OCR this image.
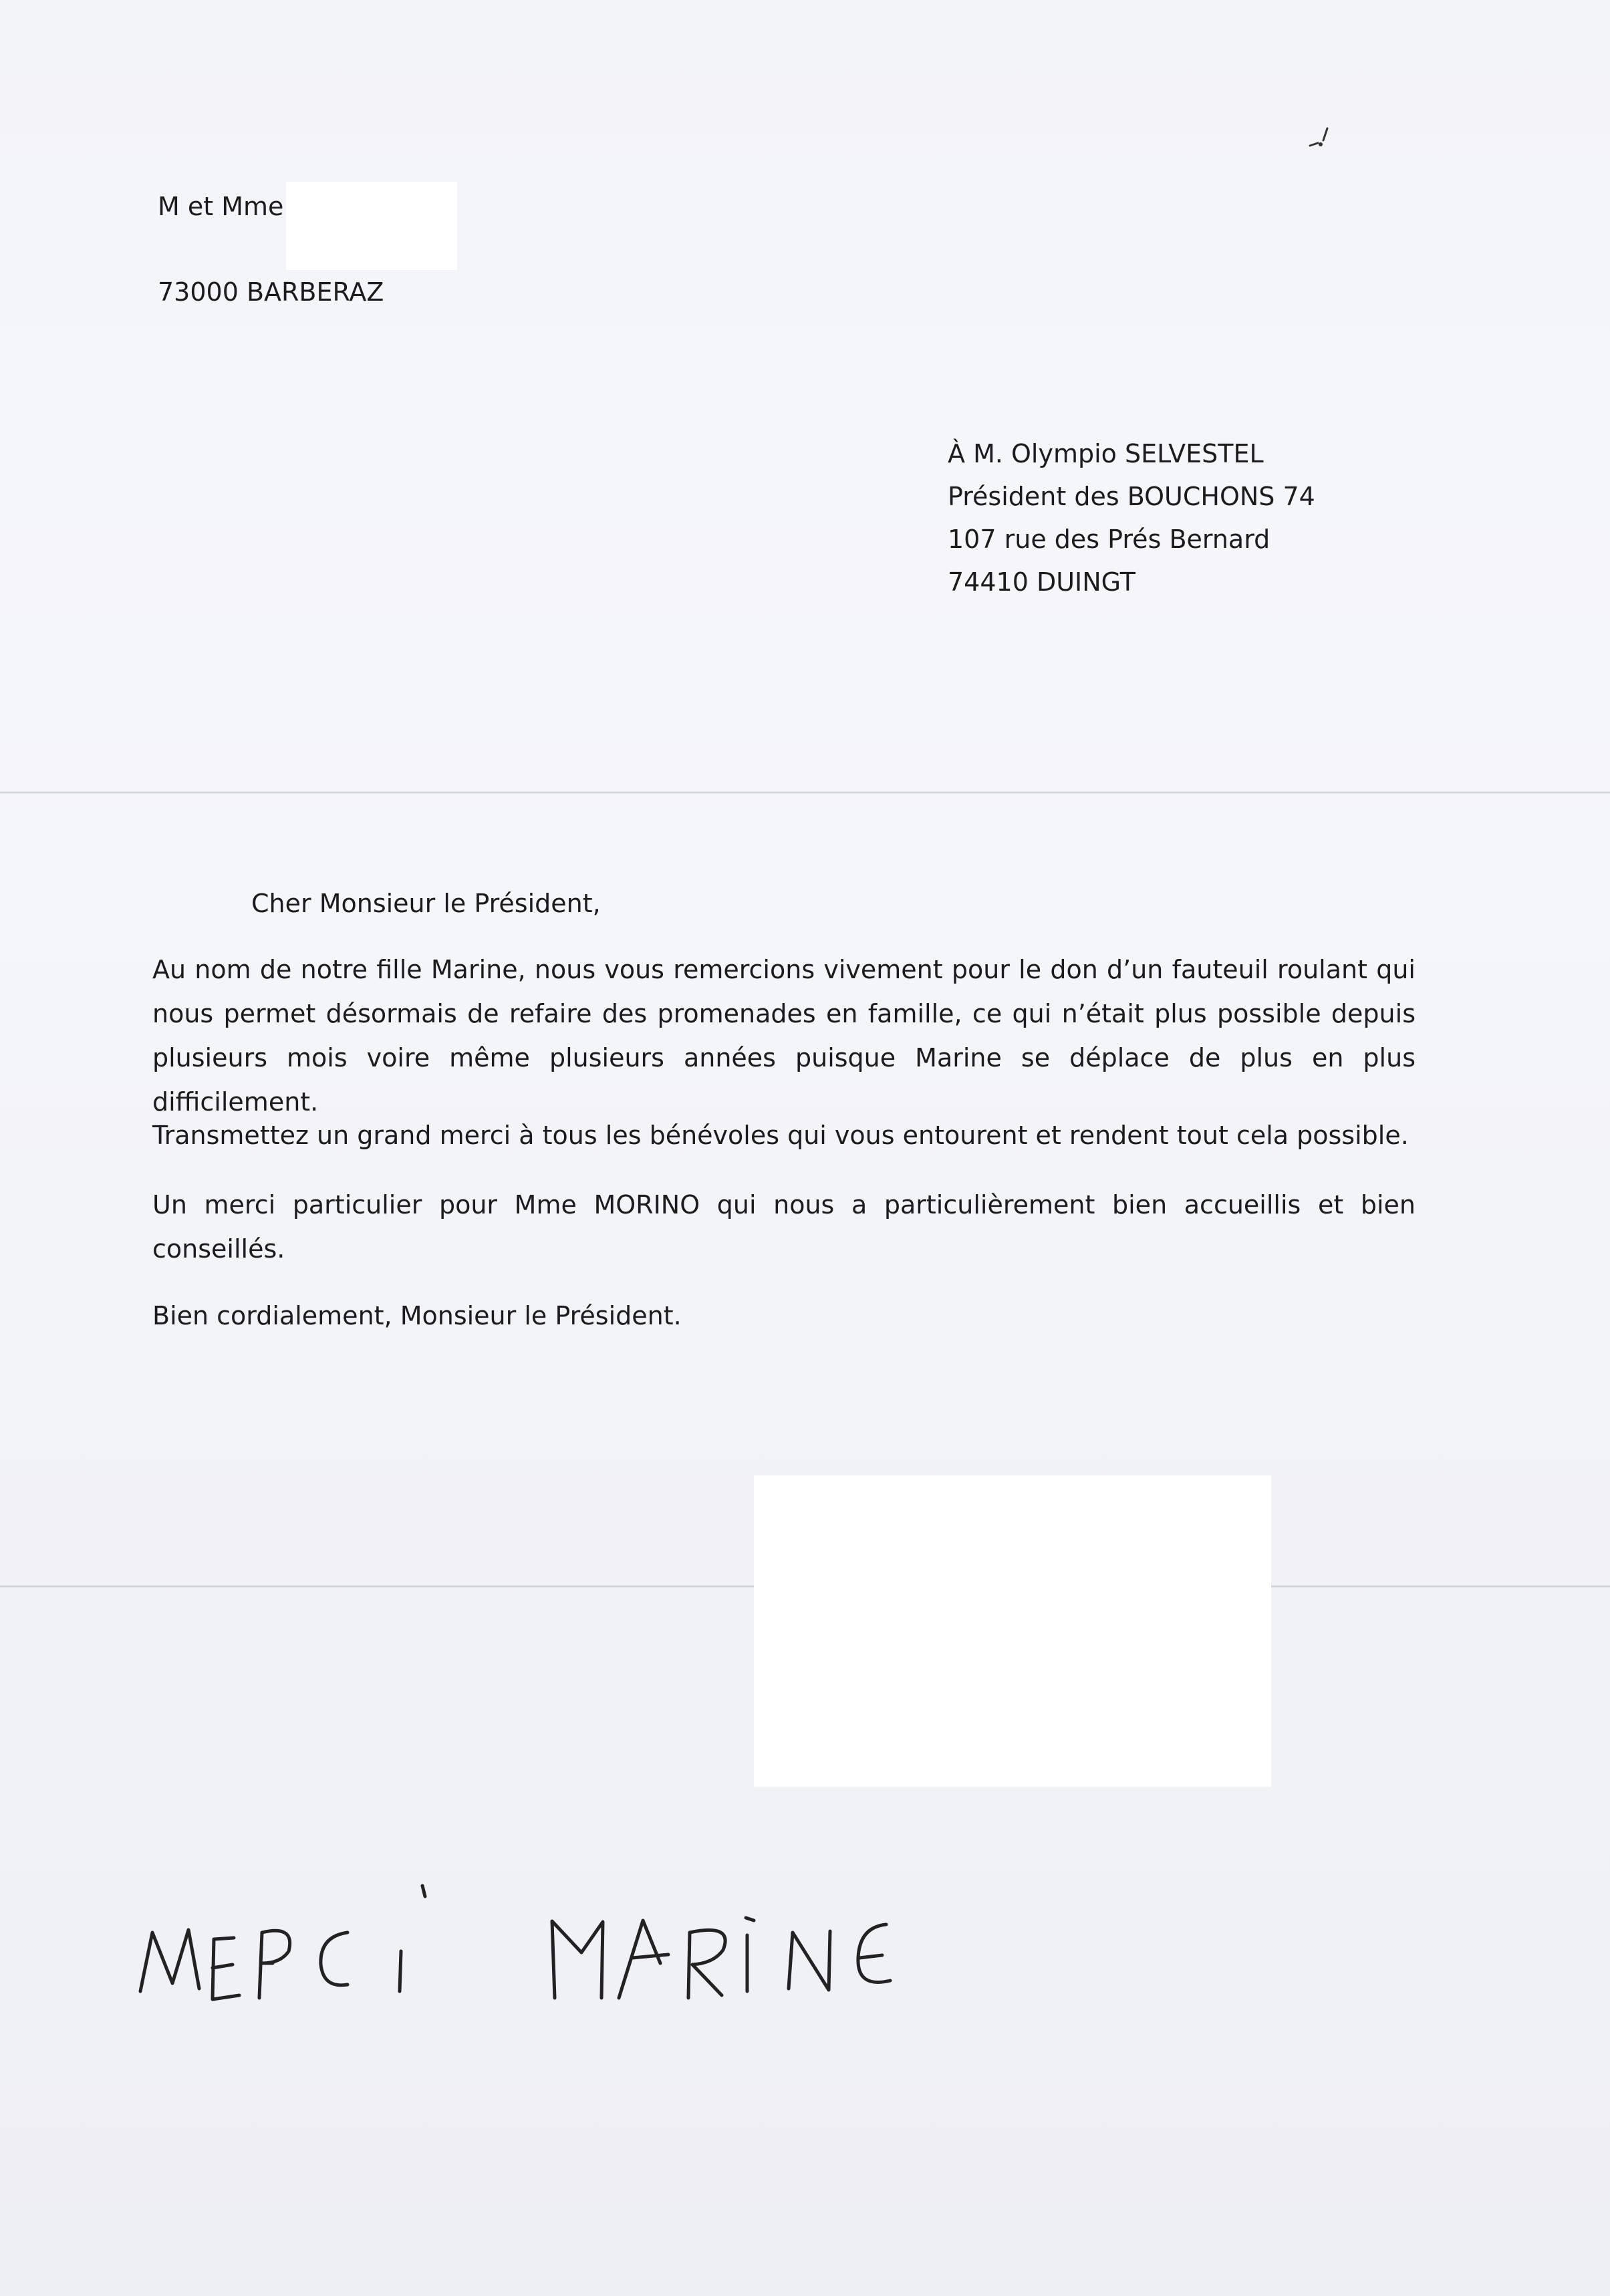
M et Mme
73000 BARBERAZ
À M. Olympio SELVESTEL
Président des BOUCHONS 74
107 rue des Prés Bernard
74410 DUINGT
Cher Monsieur le Président,
Au nom de notre fille Marine, nous vous remercions vivement pour le don d’un fauteuil roulant qui nous permet désormais de refaire des promenades en famille, ce qui n’était plus possible depuis plusieurs mois voire même plusieurs années puisque Marine se déplace de plus en plus difficilement.
Transmettez un grand merci à tous les bénévoles qui vous entourent et rendent tout cela possible.
Un merci particulier pour Mme MORINO qui nous a particulièrement bien accueillis et bien conseillés.
Bien cordialement, Monsieur le Président.
